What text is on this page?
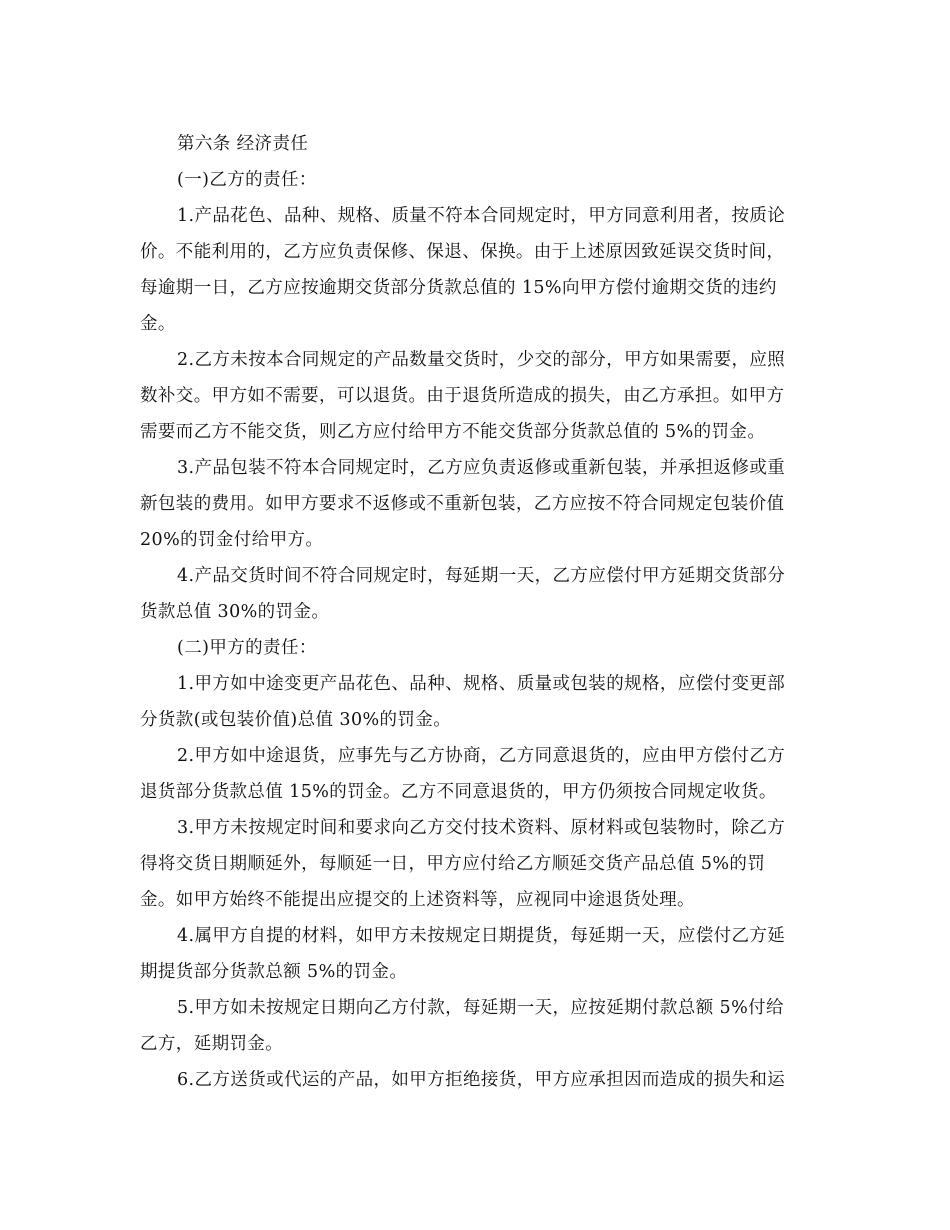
第六条 经济责任
(一)乙方的责任：
1.产品花色、品种、规格、质量不符本合同规定时，甲方同意利用者，按质论
价。不能利用的，乙方应负责保修、保退、保换。由于上述原因致延误交货时间，
每逾期一日，乙方应按逾期交货部分货款总值的 15%向甲方偿付逾期交货的违约
金。
2.乙方未按本合同规定的产品数量交货时，少交的部分，甲方如果需要，应照
数补交。甲方如不需要，可以退货。由于退货所造成的损失，由乙方承担。如甲方
需要而乙方不能交货，则乙方应付给甲方不能交货部分货款总值的 5%的罚金。
3.产品包装不符本合同规定时，乙方应负责返修或重新包装，并承担返修或重
新包装的费用。如甲方要求不返修或不重新包装，乙方应按不符合同规定包装价值
20%的罚金付给甲方。
4.产品交货时间不符合同规定时，每延期一天，乙方应偿付甲方延期交货部分
货款总值 30%的罚金。
(二)甲方的责任：
1.甲方如中途变更产品花色、品种、规格、质量或包装的规格，应偿付变更部
分货款(或包装价值)总值 30%的罚金。
2.甲方如中途退货，应事先与乙方协商，乙方同意退货的，应由甲方偿付乙方
退货部分货款总值 15%的罚金。乙方不同意退货的，甲方仍须按合同规定收货。
3.甲方未按规定时间和要求向乙方交付技术资料、原材料或包装物时，除乙方
得将交货日期顺延外，每顺延一日，甲方应付给乙方顺延交货产品总值 5%的罚
金。如甲方始终不能提出应提交的上述资料等，应视同中途退货处理。
4.属甲方自提的材料，如甲方未按规定日期提货，每延期一天，应偿付乙方延
期提货部分货款总额 5%的罚金。
5.甲方如未按规定日期向乙方付款，每延期一天，应按延期付款总额 5%付给
乙方，延期罚金。
6.乙方送货或代运的产品，如甲方拒绝接货，甲方应承担因而造成的损失和运
